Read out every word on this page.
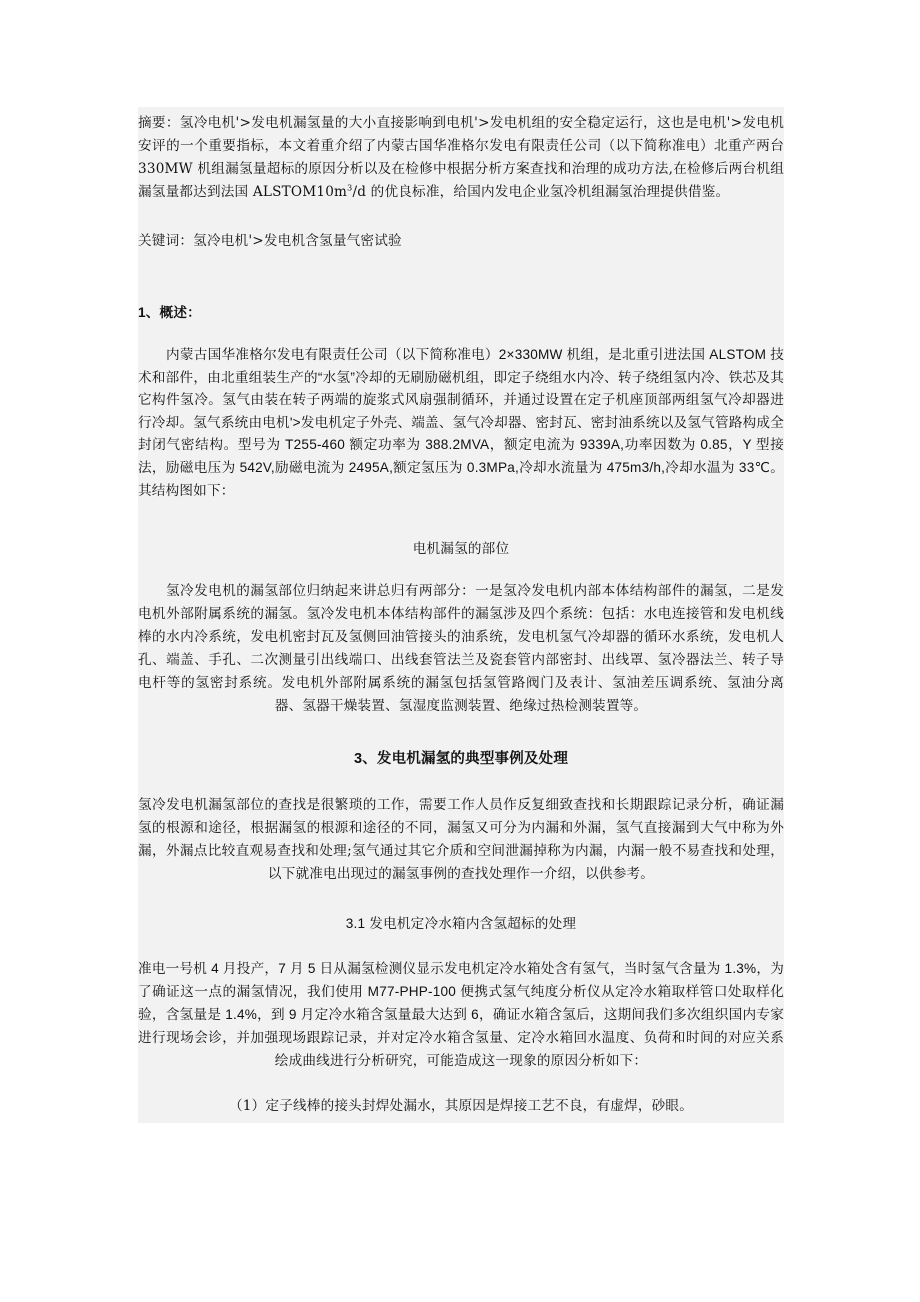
摘要：氢冷电机'>发电机漏氢量的大小直接影响到电机'>发电机组的安全稳定运行，这也是电机'>发电机安评的一个重要指标，本文着重介绍了内蒙古国华准格尔发电有限责任公司（以下简称准电）北重产两台330MW 机组漏氢量超标的原因分析以及在检修中根据分析方案查找和治理的成功方法,在检修后两台机组漏氢量都达到法国 $ALSTOM10m^3/d$ 的优良标准，给国内发电企业氢冷机组漏氢治理提供借鉴。

关键词：氢冷电机'>发电机含氢量气密试验

1、概述：

内蒙古国华准格尔发电有限责任公司（以下简称准电）2×330MW 机组，是北重引进法国 ALSTOM 技术和部件，由北重组装生产的“水氢”冷却的无刷励磁机组，即定子绕组水内冷、转子绕组氢内冷、铁芯及其它构件氢冷。氢气由装在转子两端的旋浆式风扇强制循环，并通过设置在定子机座顶部两组氢气冷却器进行冷却。氢气系统由电机'>发电机定子外壳、端盖、氢气冷却器、密封瓦、密封油系统以及氢气管路构成全封闭气密结构。型号为 T255-460 额定功率为 388.2MVA，额定电流为 9339A,功率因数为 0.85，Y 型接法，励磁电压为 542V,励磁电流为 2495A,额定氢压为 0.3MPa,冷却水流量为 475m3/h,冷却水温为 33℃。其结构图如下：

电机漏氢的部位

氢冷发电机的漏氢部位归纳起来讲总归有两部分：一是氢冷发电机内部本体结构部件的漏氢，二是发电机外部附属系统的漏氢。氢冷发电机本体结构部件的漏氢涉及四个系统：包括：水电连接管和发电机线棒的水内冷系统，发电机密封瓦及氢侧回油管接头的油系统，发电机氢气冷却器的循环水系统，发电机人孔、端盖、手孔、二次测量引出线端口、出线套管法兰及瓷套管内部密封、出线罩、氢冷器法兰、转子导电杆等的氢密封系统。发电机外部附属系统的漏氢包括氢管路阀门及表计、氢油差压调系统、氢油分离器、氢器干燥装置、氢湿度监测装置、绝缘过热检测装置等。

3、发电机漏氢的典型事例及处理

氢冷发电机漏氢部位的查找是很繁琐的工作，需要工作人员作反复细致查找和长期跟踪记录分析，确证漏氢的根源和途径，根据漏氢的根源和途径的不同，漏氢又可分为内漏和外漏，氢气直接漏到大气中称为外漏，外漏点比较直观易查找和处理;氢气通过其它介质和空间泄漏掉称为内漏，内漏一般不易查找和处理，以下就准电出现过的漏氢事例的查找处理作一介绍，以供参考。

3.1 发电机定冷水箱内含氢超标的处理

准电一号机 4 月投产，7 月 5 日从漏氢检测仪显示发电机定冷水箱处含有氢气，当时氢气含量为 1.3%，为了确证这一点的漏氢情况，我们使用 M77-PHP-100 便携式氢气纯度分析仪从定冷水箱取样管口处取样化验，含氢量是 1.4%，到 9 月定冷水箱含氢量最大达到 6，确证水箱含氢后，这期间我们多次组织国内专家进行现场会诊，并加强现场跟踪记录，并对定冷水箱含氢量、定冷水箱回水温度、负荷和时间的对应关系绘成曲线进行分析研究，可能造成这一现象的原因分析如下：

（1）定子线棒的接头封焊处漏水，其原因是焊接工艺不良，有虚焊，砂眼。
